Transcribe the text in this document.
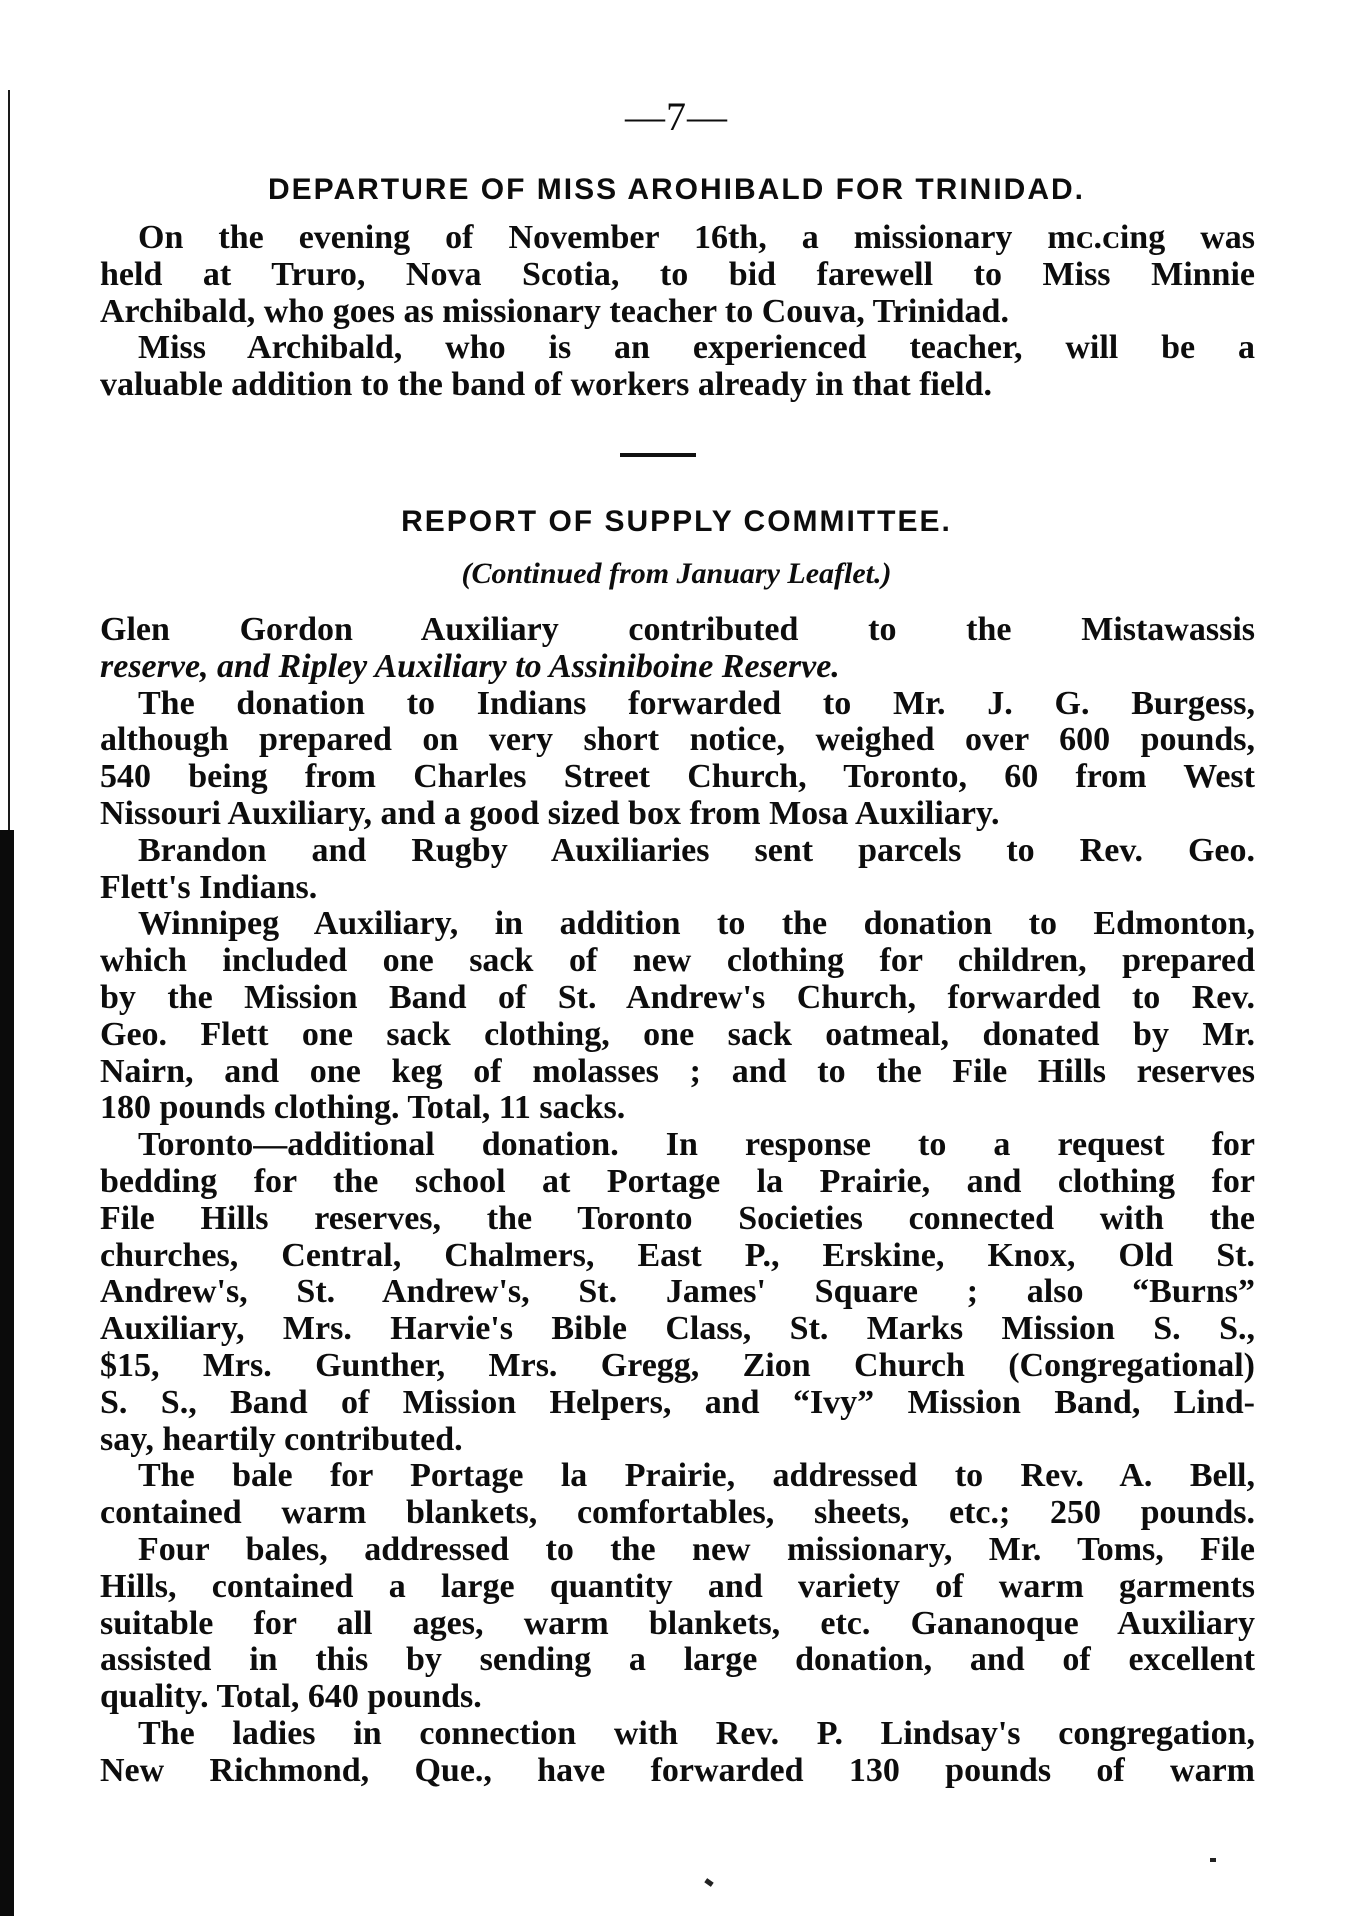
—7—
DEPARTURE OF MISS AROHIBALD FOR TRINIDAD.
On the evening of November 16th, a missionary mᴄ.ᴄing was
held at Truro, Nova Scotia, to bid farewell to Miss Minnie
Archibald, who goes as missionary teacher to Couva, Trinidad.
Miss Archibald, who is an experienced teacher, will be a
valuable addition to the band of workers already in that field.
REPORT OF SUPPLY COMMITTEE.
(Continued from January Leaflet.)
Glen Gordon Auxiliary contributed to the Mistawassis
reserve, and Ripley Auxiliary to Assiniboine Reserve.
The donation to Indians forwarded to Mr. J. G. Burgess,
although prepared on very short notice, weighed over 600 pounds,
540 being from Charles Street Church, Toronto, 60 from West
Nissouri Auxiliary, and a good sized box from Mosa Auxiliary.
Brandon and Rugby Auxiliaries sent parcels to Rev. Geo.
Flett's Indians.
Winnipeg Auxiliary, in addition to the donation to Edmonton,
which included one sack of new clothing for children, prepared
by the Mission Band of St. Andrew's Church, forwarded to Rev.
Geo. Flett one sack clothing, one sack oatmeal, donated by Mr.
Nairn, and one keg of molasses ; and to the File Hills reserves
180 pounds clothing. Total, 11 sacks.
Toronto—additional donation. In response to a request for
bedding for the school at Portage la Prairie, and clothing for
File Hills reserves, the Toronto Societies connected with the
churches, Central, Chalmers, East P., Erskine, Knox, Old St.
Andrew's, St. Andrew's, St. James' Square ; also “Burns”
Auxiliary, Mrs. Harvie's Bible Class, St. Marks Mission S. S.,
$15, Mrs. Gunther, Mrs. Gregg, Zion Church (Congregational)
S. S., Band of Mission Helpers, and “Ivy” Mission Band, Lind-
say, heartily contributed.
The bale for Portage la Prairie, addressed to Rev. A. Bell,
contained warm blankets, comfortables, sheets, etc.; 250 pounds.
Four bales, addressed to the new missionary, Mr. Toms, File
Hills, contained a large quantity and variety of warm garments
suitable for all ages, warm blankets, etc. Gananoque Auxiliary
assisted in this by sending a large donation, and of excellent
quality. Total, 640 pounds.
The ladies in connection with Rev. P. Lindsay's congregation,
New Richmond, Que., have forwarded 130 pounds of warm
